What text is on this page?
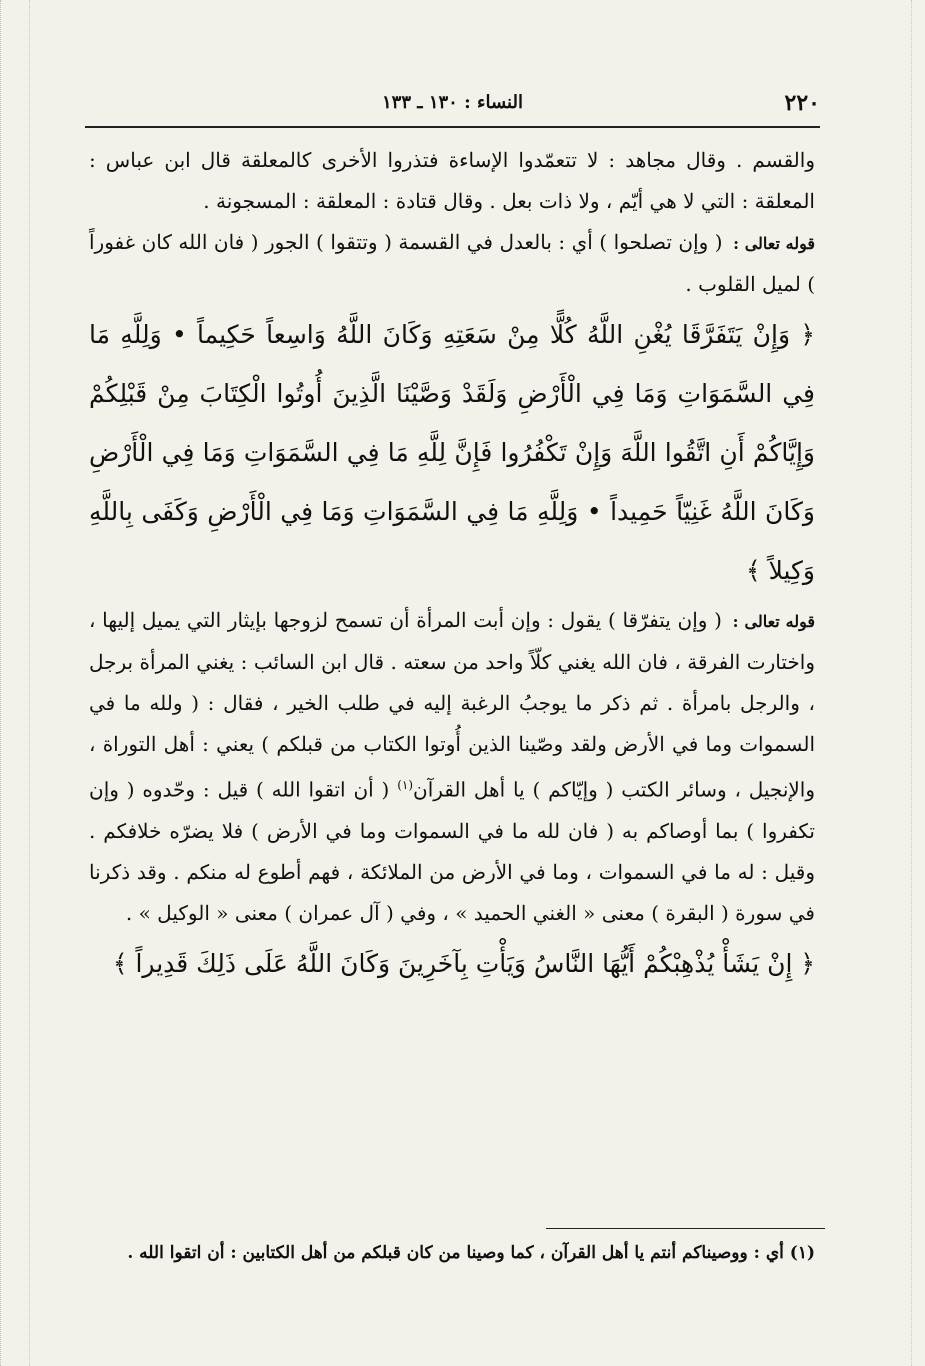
٢٢٠
النساء : ١٣٠ ـ ١٣٣

والقسم . وقال مجاهد : لا تتعمّدوا الإساءة فتذروا الأخرى كالمعلقة قال ابن عباس : المعلقة : التي لا هي أيّم ، ولا ذات بعل . وقال قتادة : المعلقة : المسجونة .

قوله تعالى : ( وإن تصلحوا ) أي : بالعدل في القسمة ( وتتقوا ) الجور ( فان الله كان غفوراً ) لميل القلوب .

﴿ وَإِنْ يَتَفَرَّقَا يُغْنِ اللَّهُ كُلًّا مِنْ سَعَتِهِ وَكَانَ اللَّهُ وَاسِعاً حَكِيماً • وَلِلَّهِ مَا فِي السَّمَوَاتِ وَمَا فِي الْأَرْضِ وَلَقَدْ وَصَّيْنَا الَّذِينَ أُوتُوا الْكِتَابَ مِنْ قَبْلِكُمْ وَإِيَّاكُمْ أَنِ اتَّقُوا اللَّهَ وَإِنْ تَكْفُرُوا فَإِنَّ لِلَّهِ مَا فِي السَّمَوَاتِ وَمَا فِي الْأَرْضِ وَكَانَ اللَّهُ غَنِيّاً حَمِيداً • وَلِلَّهِ مَا فِي السَّمَوَاتِ وَمَا فِي الْأَرْضِ وَكَفَى بِاللَّهِ وَكِيلاً ﴾

قوله تعالى : ( وإن يتفرّقا ) يقول : وإن أبت المرأة أن تسمح لزوجها بإيثار التي يميل إليها ، واختارت الفرقة ، فان الله يغني كلّاً واحد من سعته . قال ابن السائب : يغني المرأة برجل ، والرجل بامرأة . ثم ذكر ما يوجبُ الرغبة إليه في طلب الخير ، فقال : ( ولله ما في السموات وما في الأرض ولقد وصّينا الذين أُوتوا الكتاب من قبلكم ) يعني : أهل التوراة ، والإنجيل ، وسائر الكتب ( وإيّاكم ) يا أهل القرآن$^{(١)}$ ( أن اتقوا الله ) قيل : وحّدوه ( وإن تكفروا ) بما أوصاكم به ( فان لله ما في السموات وما في الأرض ) فلا يضرّه خلافكم . وقيل : له ما في السموات ، وما في الأرض من الملائكة ، فهم أطوع له منكم . وقد ذكرنا في سورة ( البقرة ) معنى « الغني الحميد » ، وفي ( آل عمران ) معنى « الوكيل » .

﴿ إِنْ يَشَأْ يُذْهِبْكُمْ أَيُّهَا النَّاسُ وَيَأْتِ بِآخَرِينَ وَكَانَ اللَّهُ عَلَى ذَلِكَ قَدِيراً ﴾

(١) أي : ووصيناكم أنتم يا أهل القرآن ، كما وصينا من كان قبلكم من أهل الكتابين : أن اتقوا الله .
